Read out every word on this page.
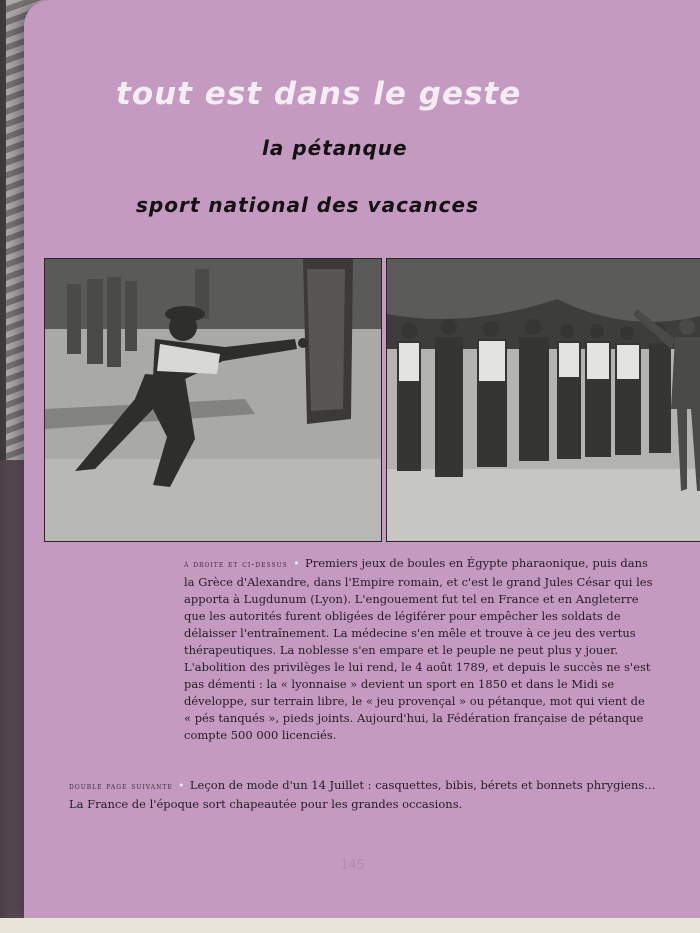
tout est dans le geste
la pétanque
sport national des vacances

à droite et ci-dessus • Premiers jeux de boules en Égypte pharaonique, puis dans la Grèce d'Alexandre, dans l'Empire romain, et c'est le grand Jules César qui les apporta à Lugdunum (Lyon). L'engouement fut tel en France et en Angleterre que les autorités furent obligées de légiférer pour empêcher les soldats de délaisser l'entraînement. La médecine s'en mêle et trouve à ce jeu des vertus thérapeutiques. La noblesse s'en empare et le peuple ne peut plus y jouer. L'abolition des privilèges le lui rend, le 4 août 1789, et depuis le succès ne s'est pas démenti : la « lyonnaise » devient un sport en 1850 et dans le Midi se développe, sur terrain libre, le « jeu provençal » ou pétanque, mot qui vient de « pés tanqués », pieds joints. Aujourd'hui, la Fédération française de pétanque compte 500 000 licenciés.

double page suivante • Leçon de mode d'un 14 Juillet : casquettes, bibis, bérets et bonnets phrygiens... La France de l'époque sort chapeautée pour les grandes occasions.

145
